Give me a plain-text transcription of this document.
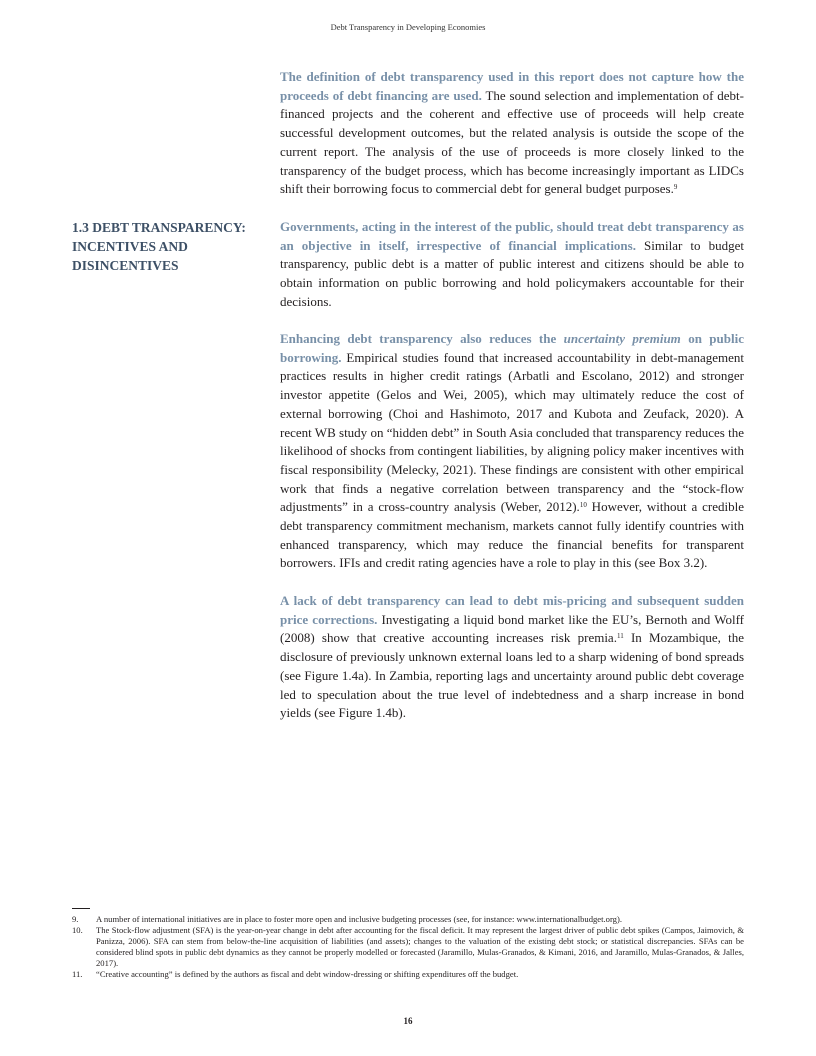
Debt Transparency in Developing Economies
1.3 DEBT TRANSPARENCY: INCENTIVES AND DISINCENTIVES

The definition of debt transparency used in this report does not capture how the proceeds of debt financing are used. The sound selection and implementation of debt-financed projects and the coherent and effective use of proceeds will help create successful development outcomes, but the related analysis is outside the scope of the current report. The analysis of the use of proceeds is more closely linked to the transparency of the budget process, which has become increasingly important as LIDCs shift their borrowing focus to commercial debt for general budget purposes.$^9$

Governments, acting in the interest of the public, should treat debt transparency as an objective in itself, irrespective of financial implications. Similar to budget transparency, public debt is a matter of public interest and citizens should be able to obtain information on public borrowing and hold policymakers accountable for their decisions.

Enhancing debt transparency also reduces the uncertainty premium on public borrowing. Empirical studies found that increased accountability in debt-management practices results in higher credit ratings (Arbatli and Escolano, 2012) and stronger investor appetite (Gelos and Wei, 2005), which may ultimately reduce the cost of external borrowing (Choi and Hashimoto, 2017 and Kubota and Zeufack, 2020). A recent WB study on “hidden debt” in South Asia concluded that transparency reduces the likelihood of shocks from contingent liabilities, by aligning policy maker incentives with fiscal responsibility (Melecky, 2021). These findings are consistent with other empirical work that finds a negative correlation between transparency and the “stock-flow adjustments” in a cross-country analysis (Weber, 2012).$^{10}$ However, without a credible debt transparency commitment mechanism, markets cannot fully identify countries with enhanced transparency, which may reduce the financial benefits for transparent borrowers. IFIs and credit rating agencies have a role to play in this (see Box 3.2).

A lack of debt transparency can lead to debt mis-pricing and subsequent sudden price corrections. Investigating a liquid bond market like the EU’s, Bernoth and Wolff (2008) show that creative accounting increases risk premia.$^{11}$ In Mozambique, the disclosure of previously unknown external loans led to a sharp widening of bond spreads (see Figure 1.4a). In Zambia, reporting lags and uncertainty around public debt coverage led to speculation about the true level of indebtedness and a sharp increase in bond yields (see Figure 1.4b).

9.	A number of international initiatives are in place to foster more open and inclusive budgeting processes (see, for instance: www.internationalbudget.org).
10.	The Stock-flow adjustment (SFA) is the year-on-year change in debt after accounting for the fiscal deficit. It may represent the largest driver of public debt spikes (Campos, Jaimovich, & Panizza, 2006). SFA can stem from below-the-line acquisition of liabilities (and assets); changes to the valuation of the existing debt stock; or statistical discrepancies. SFAs can be considered blind spots in public debt dynamics as they cannot be properly modelled or forecasted (Jaramillo, Mulas-Granados, & Kimani, 2016, and Jaramillo, Mulas-Granados, & Jalles, 2017).
11.	“Creative accounting” is defined by the authors as fiscal and debt window-dressing or shifting expenditures off the budget.
16
